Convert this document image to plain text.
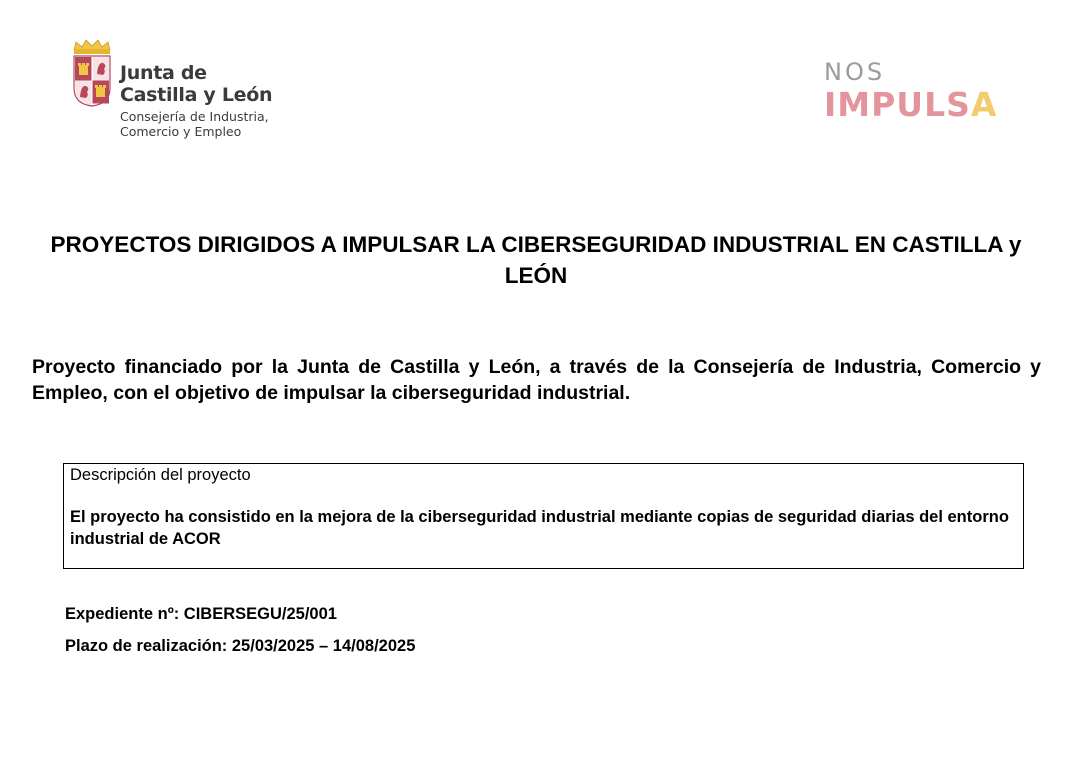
Junta de
Castilla y León
Consejería de Industria,
Comercio y Empleo
NOS
IMPULSA
PROYECTOS DIRIGIDOS A IMPULSAR LA CIBERSEGURIDAD INDUSTRIAL EN CASTILLA y LEÓN

Proyecto financiado por la Junta de Castilla y León, a través de la Consejería de Industria, Comercio y Empleo, con el objetivo de impulsar la ciberseguridad industrial.

Descripción del proyecto
El proyecto ha consistido en la mejora de la ciberseguridad industrial mediante copias de seguridad diarias del entorno industrial de ACOR
Expediente nº: CIBERSEGU/25/001
Plazo de realización: 25/03/2025 – 14/08/2025
